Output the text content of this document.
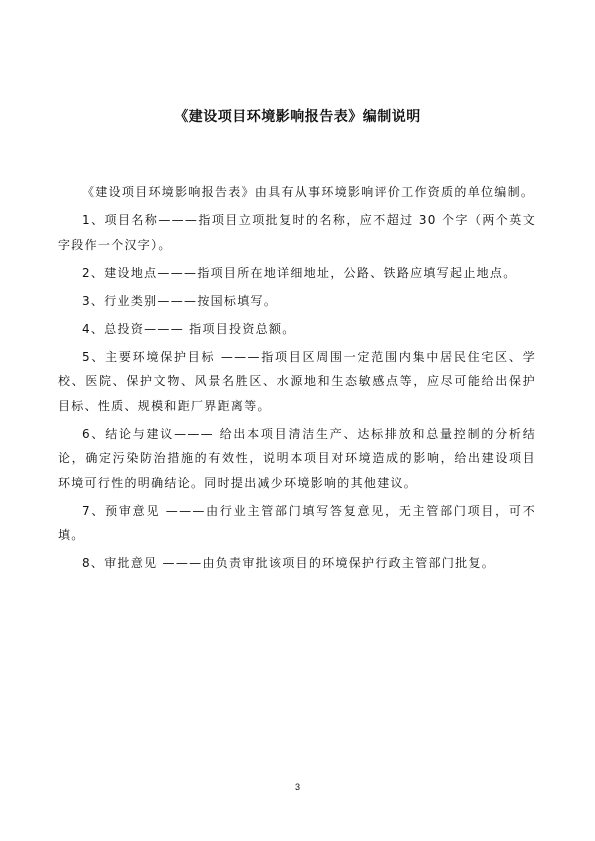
《建设项目环境影响报告表》编制说明

《建设项目环境影响报告表》由具有从事环境影响评价工作资质的单位编制。

1、项目名称———指项目立项批复时的名称，应不超过 30 个字（两个英文字段作一个汉字）。

2、建设地点———指项目所在地详细地址，公路、铁路应填写起止地点。

3、行业类别———按国标填写。

4、总投资——— 指项目投资总额。

5、主要环境保护目标 ———指项目区周围一定范围内集中居民住宅区、学校、医院、保护文物、风景名胜区、水源地和生态敏感点等，应尽可能给出保护目标、性质、规模和距厂界距离等。

6、结论与建议——— 给出本项目清洁生产、达标排放和总量控制的分析结论，确定污染防治措施的有效性，说明本项目对环境造成的影响，给出建设项目环境可行性的明确结论。同时提出减少环境影响的其他建议。

7、预审意见 ———由行业主管部门填写答复意见，无主管部门项目，可不填。

8、审批意见 ———由负责审批该项目的环境保护行政主管部门批复。

3
